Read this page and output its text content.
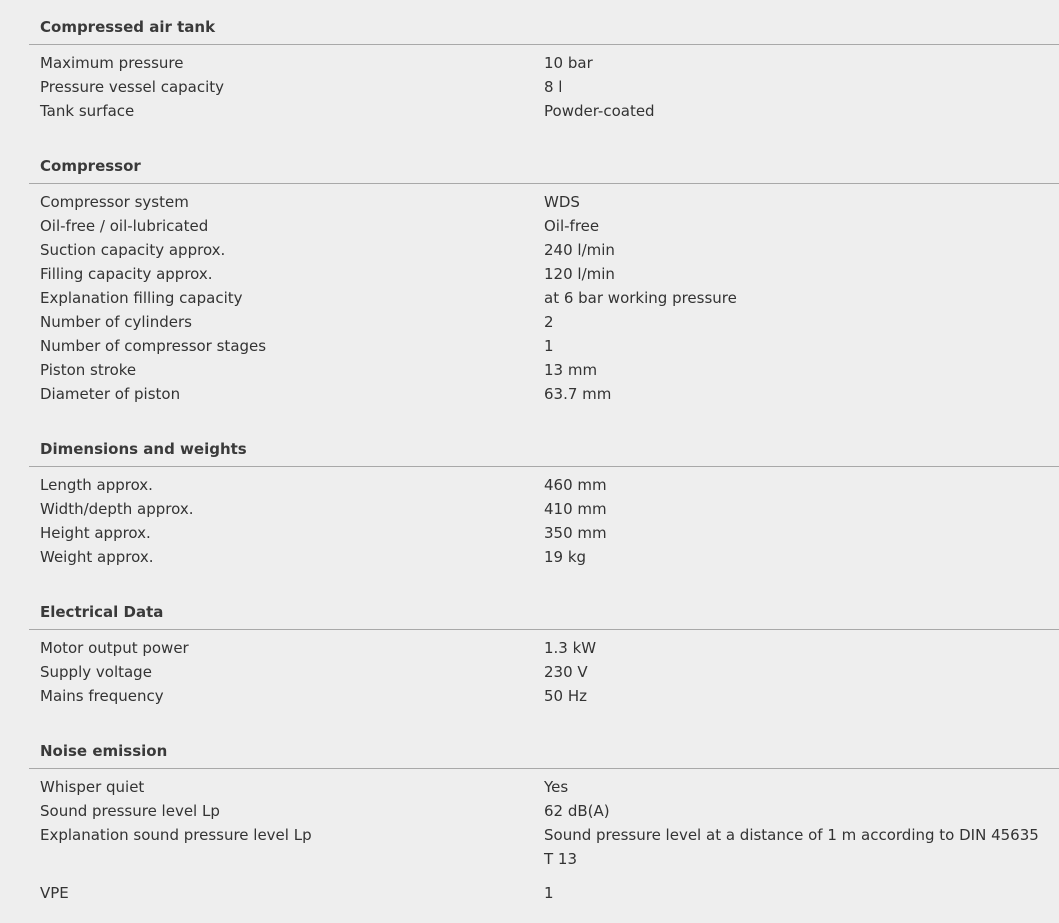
Compressed air tank
Maximum pressure	10 bar
Pressure vessel capacity	8 l
Tank surface	Powder-coated
Compressor
Compressor system	WDS
Oil-free / oil-lubricated	Oil-free
Suction capacity approx.	240 l/min
Filling capacity approx.	120 l/min
Explanation filling capacity	at 6 bar working pressure
Number of cylinders	2
Number of compressor stages	1
Piston stroke	13 mm
Diameter of piston	63.7 mm
Dimensions and weights
Length approx.	460 mm
Width/depth approx.	410 mm
Height approx.	350 mm
Weight approx.	19 kg
Electrical Data
Motor output power	1.3 kW
Supply voltage	230 V
Mains frequency	50 Hz
Noise emission
Whisper quiet	Yes
Sound pressure level Lp	62 dB(A)
Explanation sound pressure level Lp	Sound pressure level at a distance of 1 m according to DIN 45635 T 13
VPE	1
